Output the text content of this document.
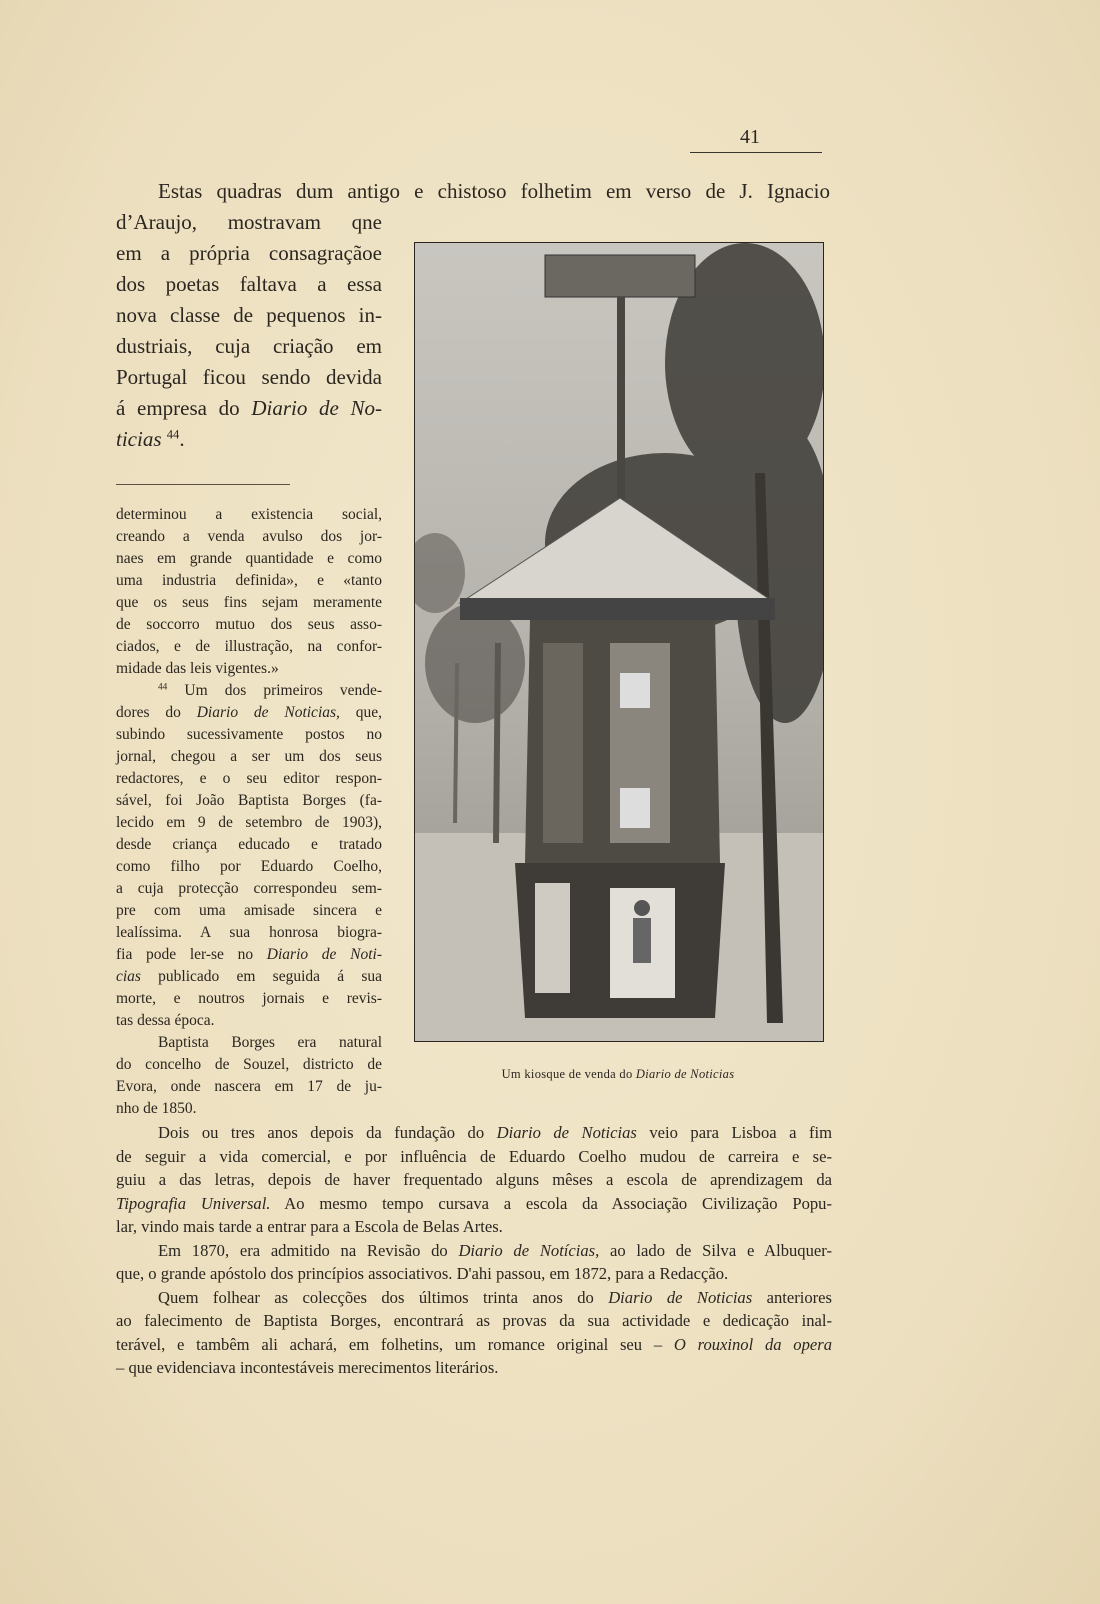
41
Estas quadras dum antigo e chistoso folhetim em verso de J. Ignacio
d’Araujo, mostravam qne
em a própria consagraçãoe
dos poetas faltava a essa
nova classe de pequenos in-
dustriais, cuja criação em
Portugal ficou sendo devida
á empresa do Diario de No-
ticias $^{44}$.
determinou a existencia social,
creando a venda avulso dos jor-
naes em grande quantidade e como
uma industria definida», e «tanto
que os seus fins sejam meramente
de soccorro mutuo dos seus asso-
ciados, e de illustração, na confor-
midade das leis vigentes.»
$^{44}$ Um dos primeiros vende-
dores do Diario de Noticias, que,
subindo sucessivamente postos no
jornal, chegou a ser um dos seus
redactores, e o seu editor respon-
sável, foi João Baptista Borges (fa-
lecido em 9 de setembro de 1903),
desde criança educado e tratado
como filho por Eduardo Coelho,
a cuja protecção correspondeu sem-
pre com uma amisade sincera e
lealíssima. A sua honrosa biogra-
fia pode ler-se no Diario de Noti-
cias publicado em seguida á sua
morte, e noutros jornais e revis-
tas dessa época.
Baptista Borges era natural
do concelho de Souzel, districto de
Evora, onde nascera em 17 de ju-
nho de 1850.
Dois ou tres anos depois da fundação do Diario de Noticias veio para Lisboa a fim
de seguir a vida comercial, e por influência de Eduardo Coelho mudou de carreira e se-
guiu a das letras, depois de haver frequentado alguns mêses a escola de aprendizagem da
Tipografia Universal. Ao mesmo tempo cursava a escola da Associação Civilização Popu-
lar, vindo mais tarde a entrar para a Escola de Belas Artes.
Em 1870, era admitido na Revisão do Diario de Notícias, ao lado de Silva e Albuquer-
que, o grande apóstolo dos princípios associativos. D'ahi passou, em 1872, para a Redacção.
Quem folhear as colecções dos últimos trinta anos do Diario de Noticias anteriores
ao falecimento de Baptista Borges, encontrará as provas da sua actividade e dedicação inal-
terável, e tambêm ali achará, em folhetins, um romance original seu – O rouxinol da opera
– que evidenciava incontestáveis merecimentos literários.
Um kiosque de venda do Diario de Noticias
